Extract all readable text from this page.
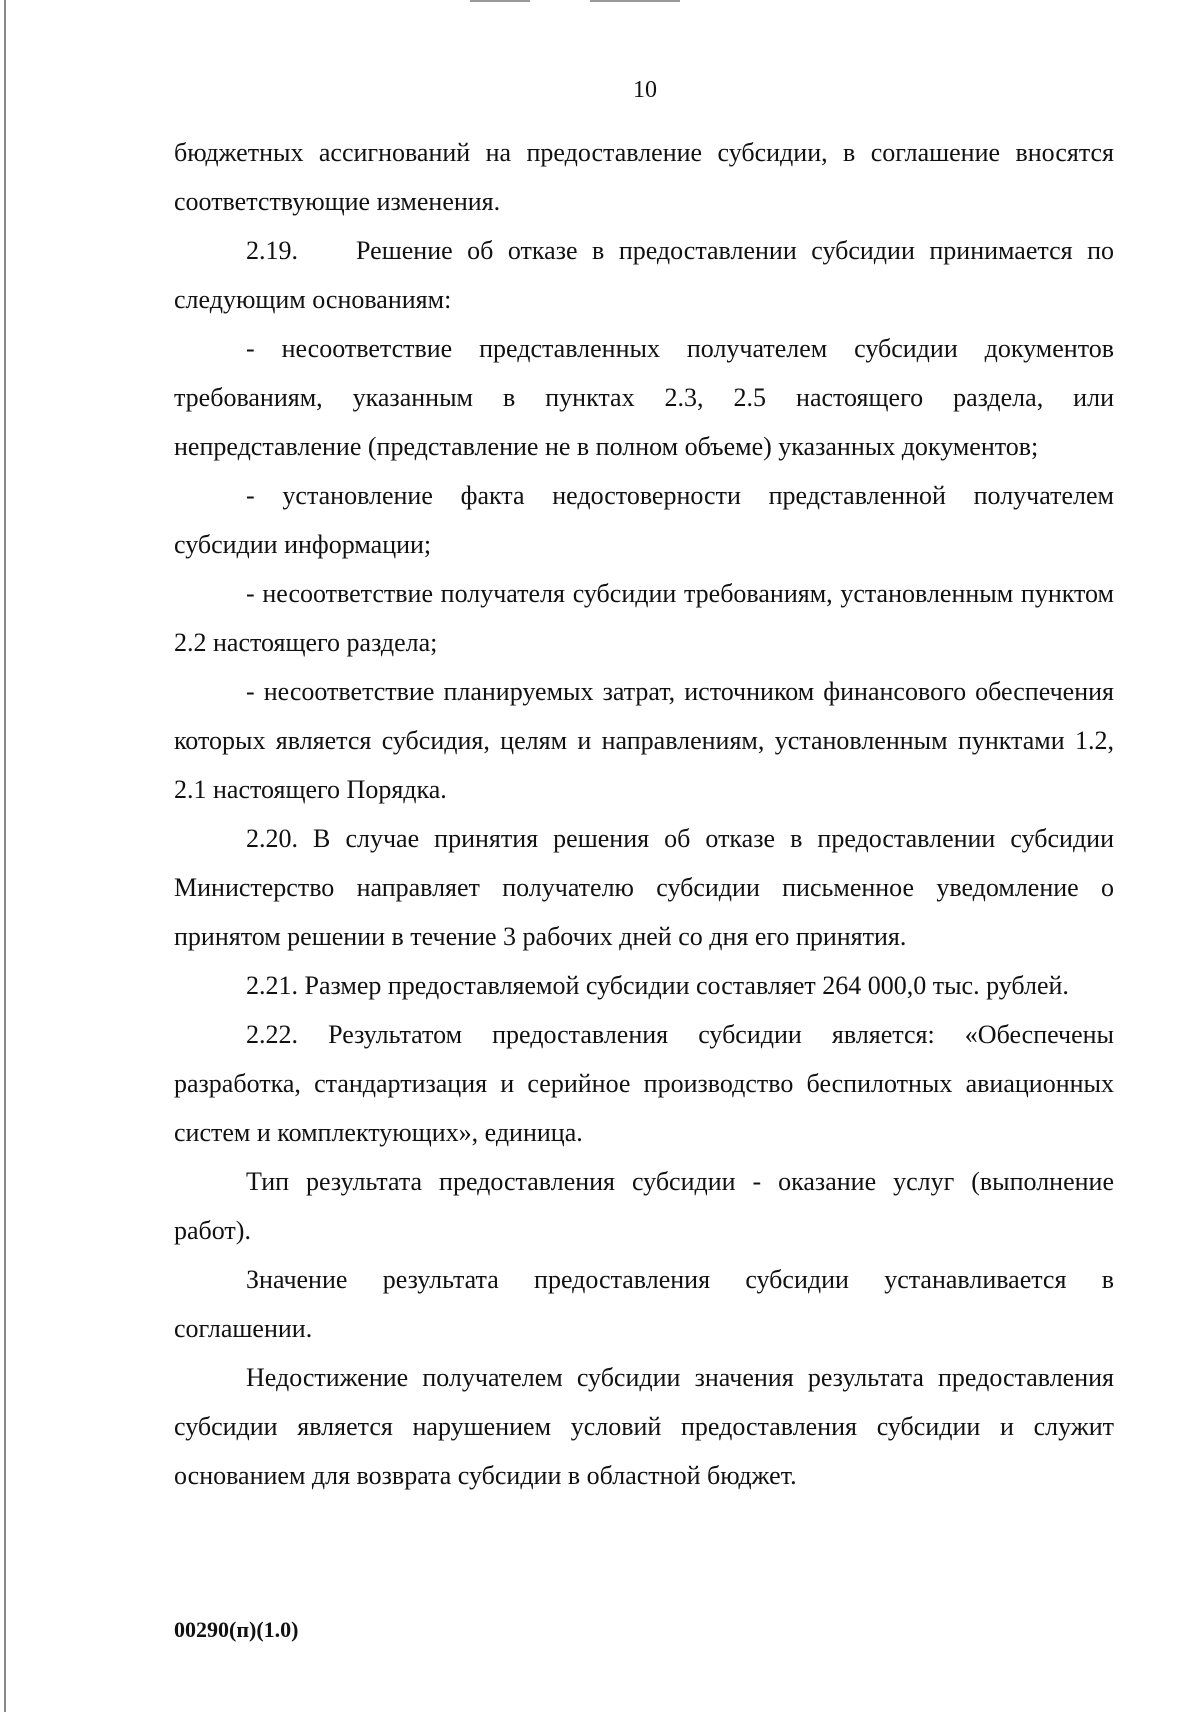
10

бюджетных ассигнований на предоставление субсидии, в соглашение вносятся соответствующие изменения.

2.19.    Решение об отказе в предоставлении субсидии принимается по следующим основаниям:

- несоответствие представленных получателем субсидии документов требованиям, указанным в пунктах 2.3, 2.5 настоящего раздела, или непредставление (представление не в полном объеме) указанных документов;

- установление факта недостоверности представленной получателем субсидии информации;

- несоответствие получателя субсидии требованиям, установленным пунктом 2.2 настоящего раздела;

- несоответствие планируемых затрат, источником финансового обеспечения которых является субсидия, целям и направлениям, установленным пунктами 1.2, 2.1 настоящего Порядка.

2.20. В случае принятия решения об отказе в предоставлении субсидии Министерство направляет получателю субсидии письменное уведомление о принятом решении в течение 3 рабочих дней со дня его принятия.

2.21. Размер предоставляемой субсидии составляет 264 000,0 тыс. рублей.

2.22. Результатом предоставления субсидии является: «Обеспечены разработка, стандартизация и серийное производство беспилотных авиационных систем и комплектующих», единица.

Тип результата предоставления субсидии - оказание услуг (выполнение работ).

Значение результата предоставления субсидии устанавливается в соглашении.

Недостижение получателем субсидии значения результата предоставления субсидии является нарушением условий предоставления субсидии и служит основанием для возврата субсидии в областной бюджет.

00290(п)(1.0)
